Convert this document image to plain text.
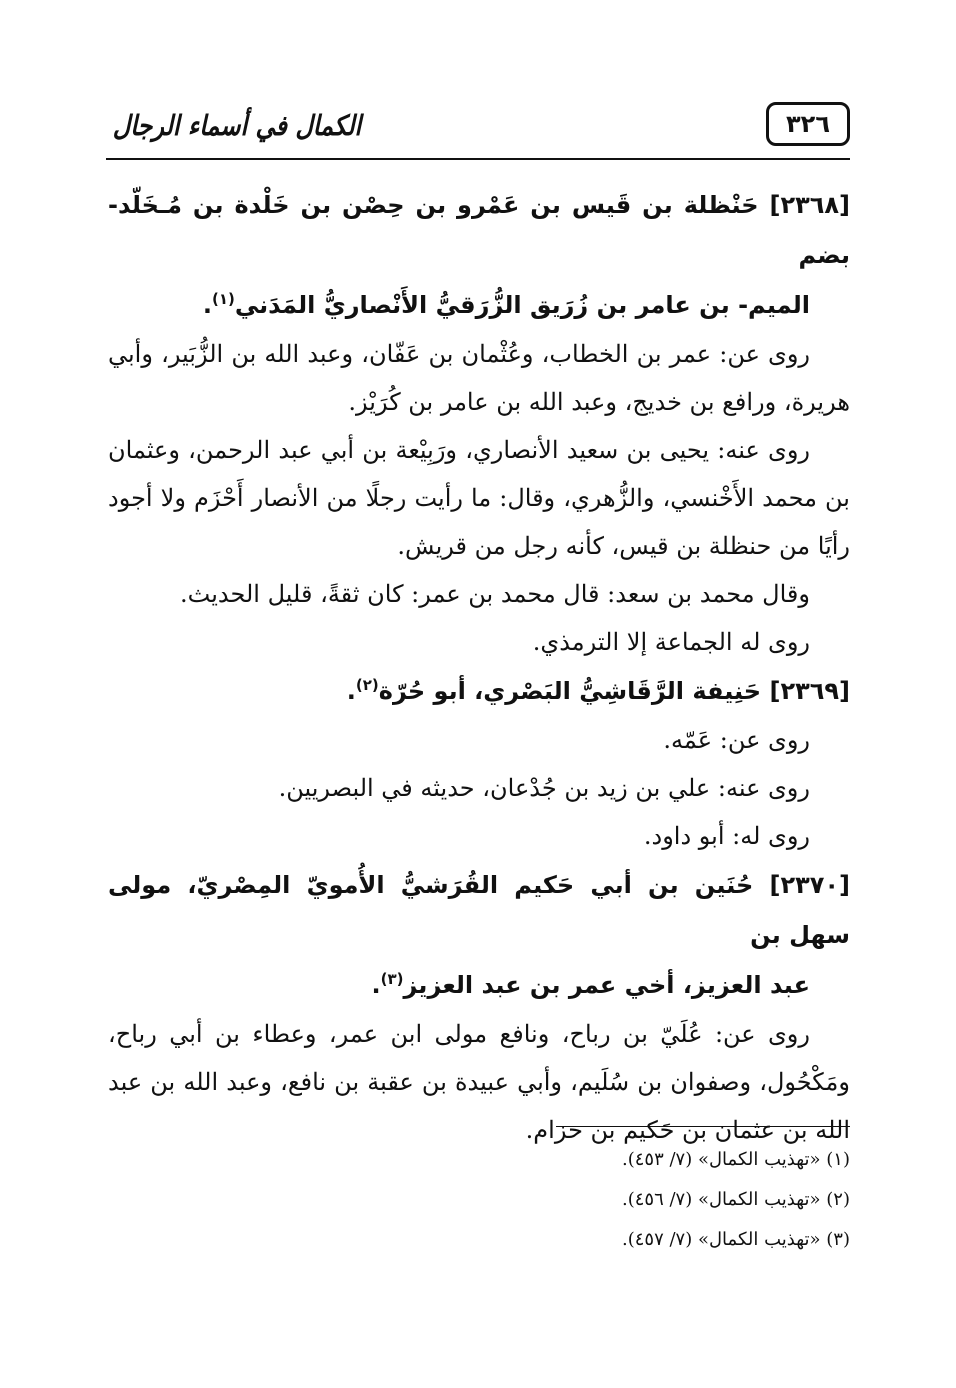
٣٢٦
الكمال في أسماء الرجال

[٢٣٦٨] حَنْظلة بن قَيس بن عَمْرو بن حِصْن بن خَلْدة بن مُـخَلّد- بضم

الميم- بن عامر بن زُرَيق الزُّرَقيُّ الأَنْصاريُّ المَدَني$^{(١)}$.

روى عن: عمر بن الخطاب، وعُثْمان بن عَفّان، وعبد الله بن الزُّبَير، وأبي هريرة، ورافع بن خديج، وعبد الله بن عامر بن كُرَيْز.

روى عنه: يحيى بن سعيد الأنصاري، ورَبِيْعة بن أبي عبد الرحمن، وعثمان بن محمد الأَخْنسي، والزُّهري، وقال: ما رأيت رجلًا من الأنصار أَحْزَم ولا أجود رأيًا من حنظلة بن قيس، كأنه رجل من قريش.

وقال محمد بن سعد: قال محمد بن عمر: كان ثقةً، قليل الحديث.

روى له الجماعة إلا الترمذي.

[٢٣٦٩] حَنِيفة الرَّقَاشِيُّ البَصْري، أبو حُرّة$^{(٢)}$.

روى عن: عَمّه.

روى عنه: علي بن زيد بن جُدْعان، حديثه في البصريين.

روى له: أبو داود.

[٢٣٧٠] حُنَين بن أبي حَكيم القُرَشيُّ الأُمويّ المِصْريّ، مولى سهل بن

عبد العزيز، أخي عمر بن عبد العزيز$^{(٣)}$.

روى عن: عُلَيّ بن رباح، ونافع مولى ابن عمر، وعطاء بن أبي رباح، ومَكْحُول، وصفوان بن سُلَيم، وأبي عبيدة بن عقبة بن نافع، وعبد الله بن عبد الله بن عثمان بن حَكيم بن حزام.

(١) «تهذيب الكمال» (٧/ ٤٥٣).

(٢) «تهذيب الكمال» (٧/ ٤٥٦).

(٣) «تهذيب الكمال» (٧/ ٤٥٧).
